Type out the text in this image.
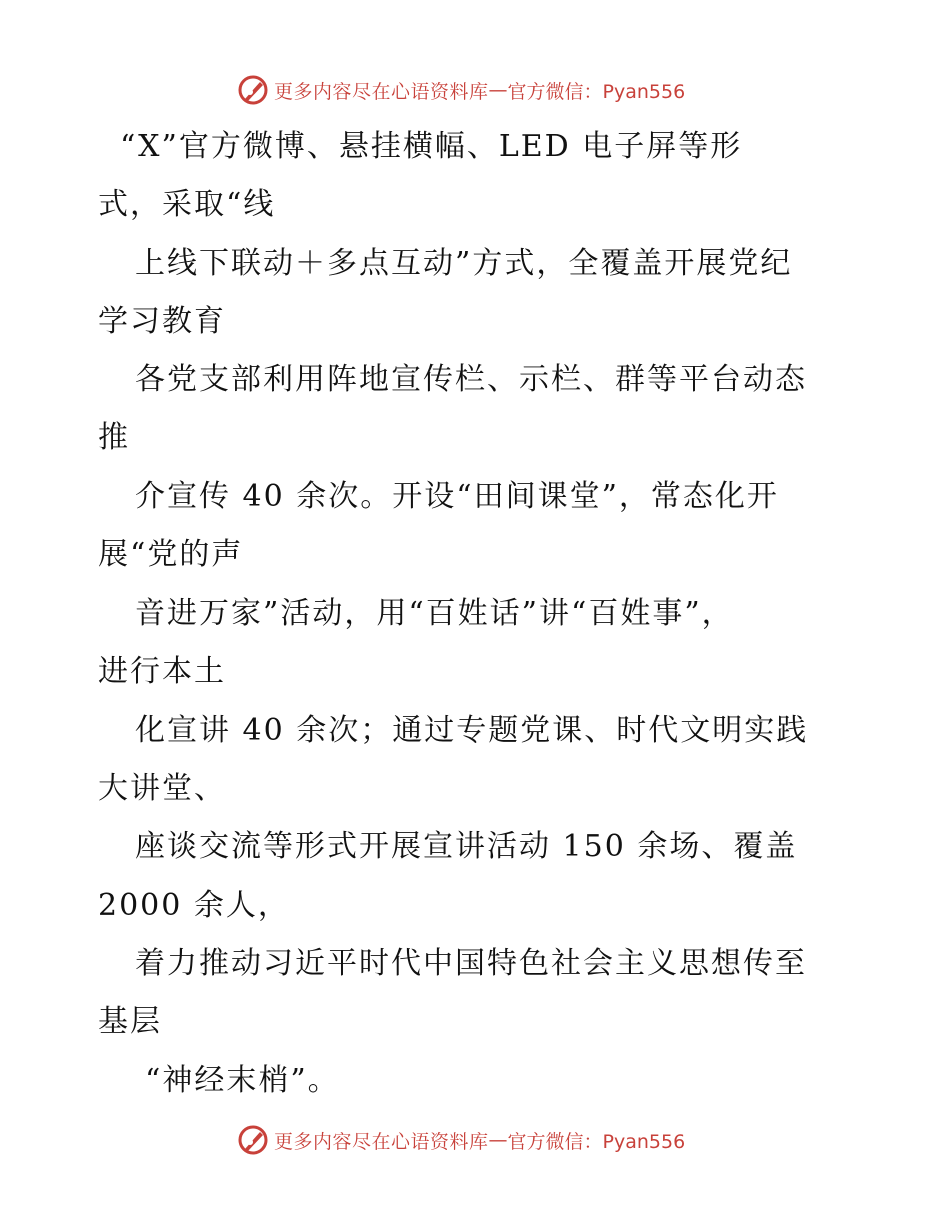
更多内容尽在心语资料库 — 官方微信：Pyan556
“X”官方微博、悬挂横幅、LED 电子屏等形
式，采取“线
上线下联动＋多点互动”方式，全覆盖开展党纪
学习教育
各党支部利用阵地宣传栏、示栏、群等平台动态
推
介宣传 40 余次。开设“田间课堂”，常态化开
展“党的声
音进万家”活动，用“百姓话”讲“百姓事”，
进行本土
化宣讲 40 余次；通过专题党课、时代文明实践
大讲堂、
座谈交流等形式开展宣讲活动 150 余场、覆盖
2000 余人，
着力推动习近平时代中国特色社会主义思想传至
基层
“神经末梢”。
更多内容尽在心语资料库 — 官方微信：Pyan556
